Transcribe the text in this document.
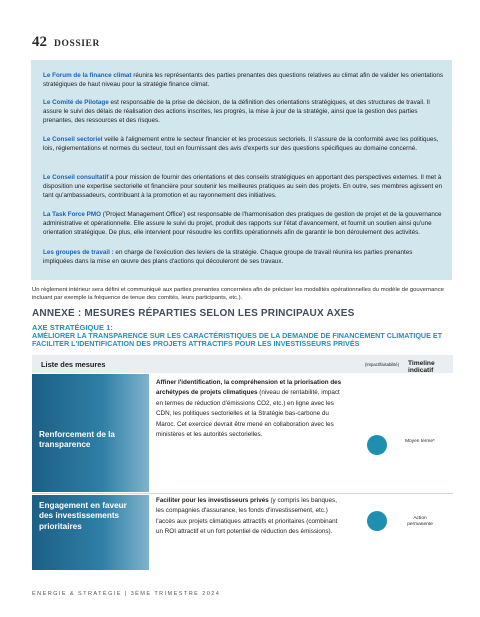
42 DOSSIER

Le Forum de la finance climat réunira les représentants des parties prenantes des questions relatives au climat afin de valider les orientations stratégiques de haut niveau pour la stratégie finance climat.

Le Comité de Pilotage est responsable de la prise de décision, de la définition des orientations stratégiques, et des structures de travail. Il assure le suivi des délais de réalisation des actions inscrites, les progrès, la mise à jour de la stratégie, ainsi que la gestion des parties prenantes, des ressources et des risques.

Le Conseil sectoriel veille à l'alignement entre le secteur financier et les processus sectoriels. Il s'assure de la conformité avec les politiques, lois, réglementations et normes du secteur, tout en fournissant des avis d'experts sur des questions spécifiques au domaine concerné.

Le Conseil consultatif a pour mission de fournir des orientations et des conseils stratégiques en apportant des perspectives externes. Il met à disposition une expertise sectorielle et financière pour soutenir les meilleures pratiques au sein des projets. En outre, ses membres agissent en tant qu'ambassadeurs, contribuant à la promotion et au rayonnement des initiatives.

La Task Force PMO ('Project Management Office') est responsable de l'harmonisation des pratiques de gestion de projet et de la gouvernance administrative et opérationnelle. Elle assure le suivi du projet, produit des rapports sur l'état d'avancement, et fournit un soutien ainsi qu'une orientation stratégique. De plus, elle intervient pour résoudre les conflits opérationnels afin de garantir le bon déroulement des activités.

Les groupes de travail : en charge de l'exécution des leviers de la stratégie. Chaque groupe de travail réunira les parties prenantes impliquées dans la mise en œuvre des plans d'actions qui découleront de ses travaux.

Un règlement intérieur sera défini et communiqué aux parties prenantes concernées afin de préciser les modalités opérationnelles du modèle de gouvernance incluant par exemple la fréquence de tenue des comités, leurs participants, etc.).
ANNEXE : MESURES RÉPARTIES SELON LES PRINCIPAUX AXES
AXE STRATÉGIQUE 1:
AMÉLIORER LA TRANSPARENCE SUR LES CARACTÉRISTIQUES DE LA DEMANDE DE FINANCEMENT CLIMATIQUE ET FACILITER L'IDENTIFICATION DES PROJETS ATTRACTIFS POUR LES INVESTISSEURS PRIVÉS
Liste des mesures	(Impact/faisabilité) Timeline indicatif
Renforcement de la transparence
Affiner l'identification, la compréhension et la priorisation des archétypes de projets climatiques (niveau de rentabilité, impact en termes de réduction d'émissions CO2, etc.) en ligne avec les CDN, les politiques sectorielles et la Stratégie bas-carbone du Maroc. Cet exercice devrait être mené en collaboration avec les ministères et les autorités sectorielles.
Moyen terme*
Engagement en faveur des investissements prioritaires
Faciliter pour les investisseurs privés (y compris les banques, les compagnies d'assurance, les fonds d'investissement, etc.) l'accès aux projets climatiques attractifs et prioritaires (combinant un ROI attractif et un fort potentiel de réduction des émissions).
Action permanente
ÉNERGIE & STRATÉGIE | 3ÈME TRIMESTRE 2024
